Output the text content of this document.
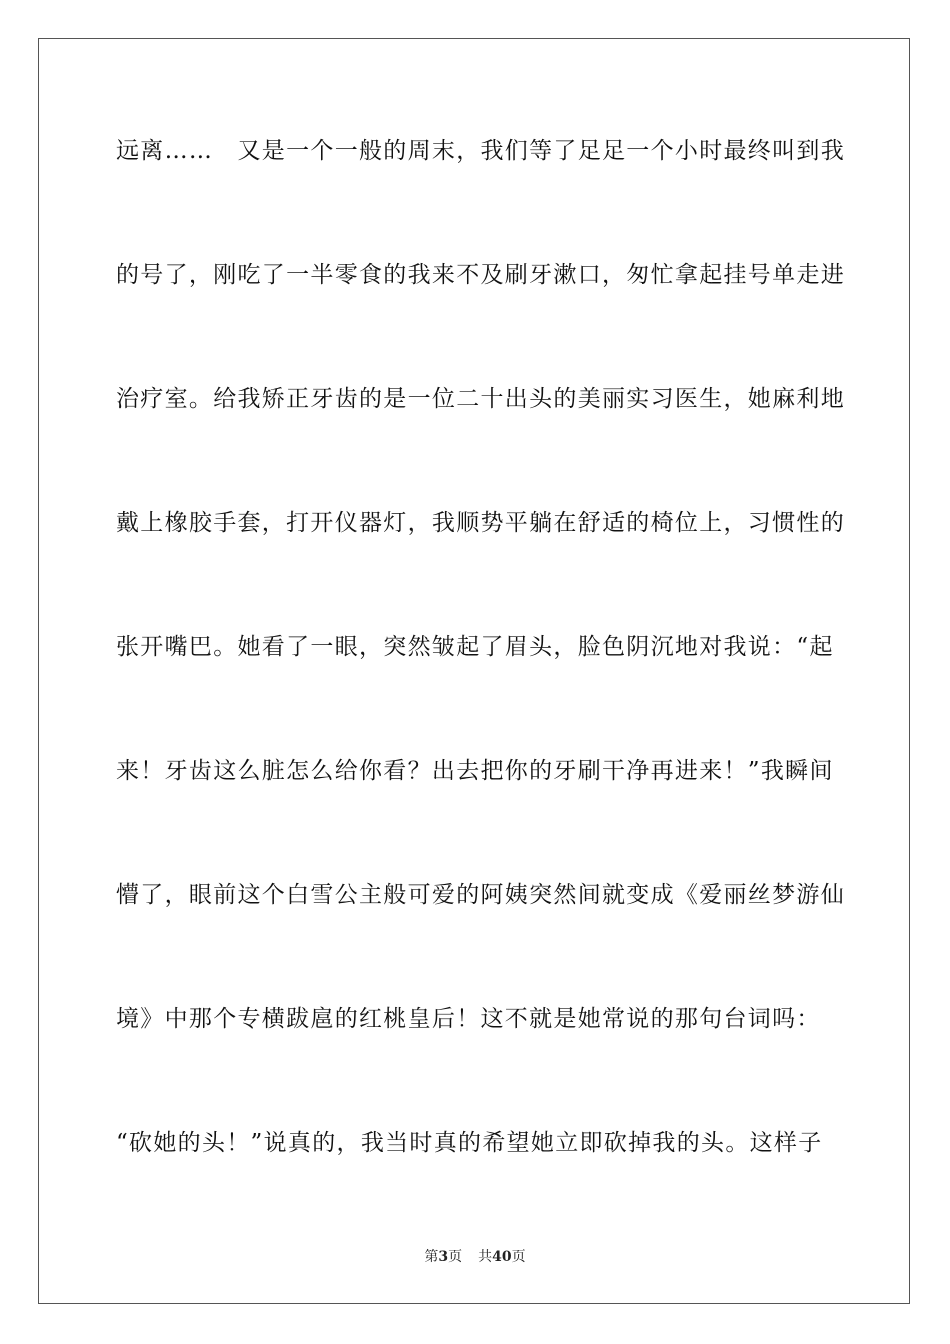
远离……　又是一个一般的周末，我们等了足足一个小时最终叫到我
的号了，刚吃了一半零食的我来不及刷牙漱口，匆忙拿起挂号单走进
治疗室。给我矫正牙齿的是一位二十出头的美丽实习医生，她麻利地
戴上橡胶手套，打开仪器灯，我顺势平躺在舒适的椅位上，习惯性的
张开嘴巴。她看了一眼，突然皱起了眉头，脸色阴沉地对我说：“起
来！牙齿这么脏怎么给你看？出去把你的牙刷干净再进来！”我瞬间
懵了，眼前这个白雪公主般可爱的阿姨突然间就变成《爱丽丝梦游仙
境》中那个专横跋扈的红桃皇后！这不就是她常说的那句台词吗：
“砍她的头！”说真的，我当时真的希望她立即砍掉我的头。这样子
第3页 共40页
